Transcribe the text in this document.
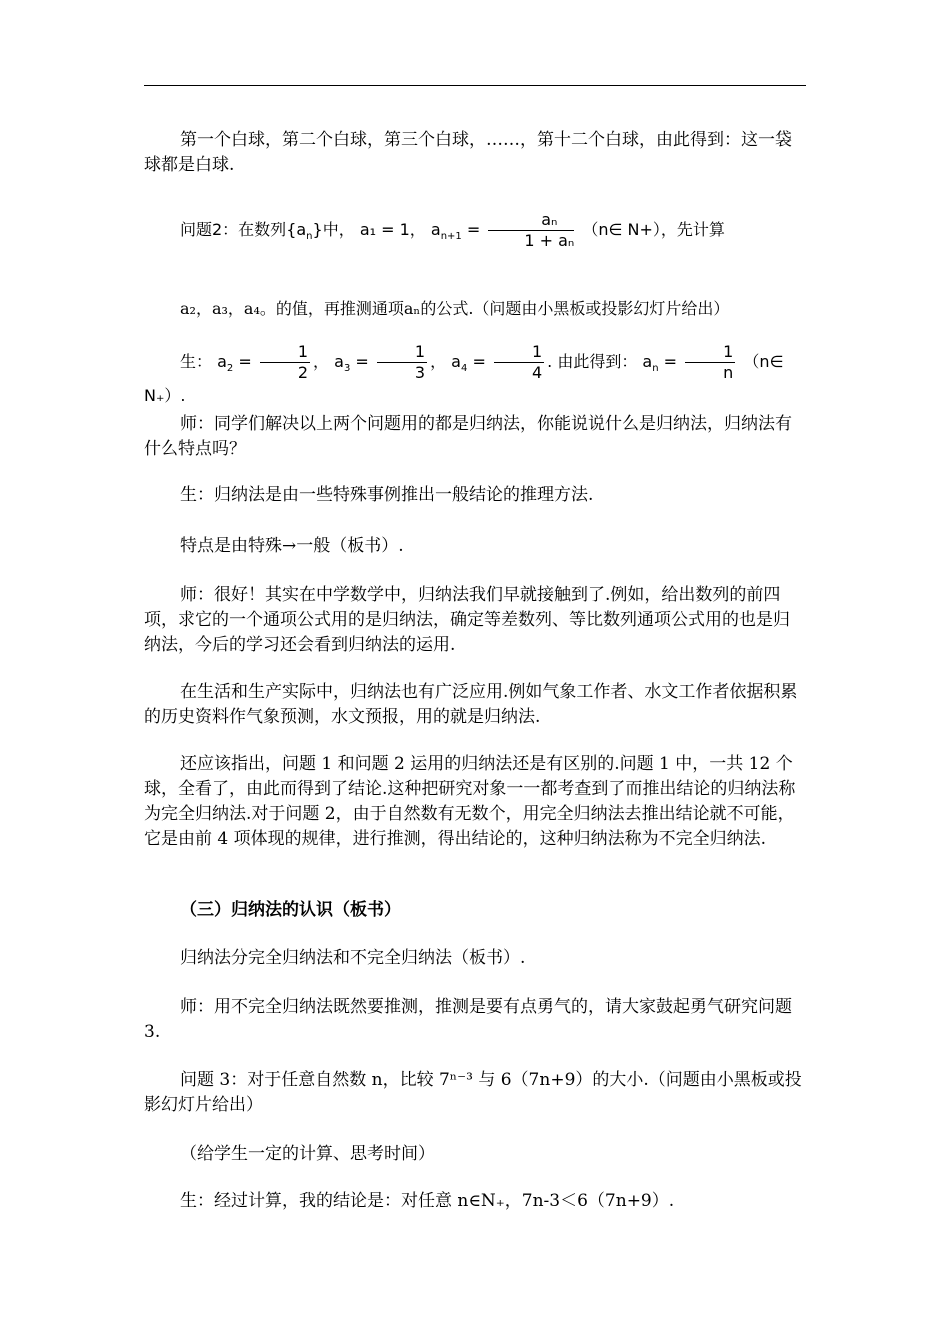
第一个白球，第二个白球，第三个白球，……，第十二个白球，由此得到：这一袋球都是白球.
问题2：在数列$\{a_n\}$中， a₁ = 1， $a_{n+1} = \frac{\text{aₙ}}{\text{1 + aₙ}}$ （n∈ N+），先计算
a₂，a₃，a₄。的值，再推测通项aₙ的公式.（问题由小黑板或投影幻灯片给出）
生： $a_2 = \frac{1}{2}$ ， $a_3 = \frac{1}{3}$ ， $a_4 = \frac{1}{4}$ . 由此得到： $a_n = \frac{1}{n}$ （n∈ N₊）.
师：同学们解决以上两个问题用的都是归纳法，你能说说什么是归纳法，归纳法有什么特点吗？
生：归纳法是由一些特殊事例推出一般结论的推理方法.
特点是由特殊→一般（板书）.
师：很好！其实在中学数学中，归纳法我们早就接触到了.例如，给出数列的前四项，求它的一个通项公式用的是归纳法，确定等差数列、等比数列通项公式用的也是归纳法，今后的学习还会看到归纳法的运用.
在生活和生产实际中，归纳法也有广泛应用.例如气象工作者、水文工作者依据积累的历史资料作气象预测，水文预报，用的就是归纳法.
还应该指出，问题 1 和问题 2 运用的归纳法还是有区别的.问题 1 中，一共 12 个球，全看了，由此而得到了结论.这种把研究对象一一都考查到了而推出结论的归纳法称为完全归纳法.对于问题 2，由于自然数有无数个，用完全归纳法去推出结论就不可能，它是由前 4 项体现的规律，进行推测，得出结论的，这种归纳法称为不完全归纳法.
（三）归纳法的认识（板书）
归纳法分完全归纳法和不完全归纳法（板书）.
师：用不完全归纳法既然要推测，推测是要有点勇气的，请大家鼓起勇气研究问题 3.
问题 3：对于任意自然数 n，比较 7ⁿ⁻³ 与 6（7n+9）的大小.（问题由小黑板或投影幻灯片给出）
（给学生一定的计算、思考时间）
生：经过计算，我的结论是：对任意 n∈N₊，7n-3＜6（7n+9）.
